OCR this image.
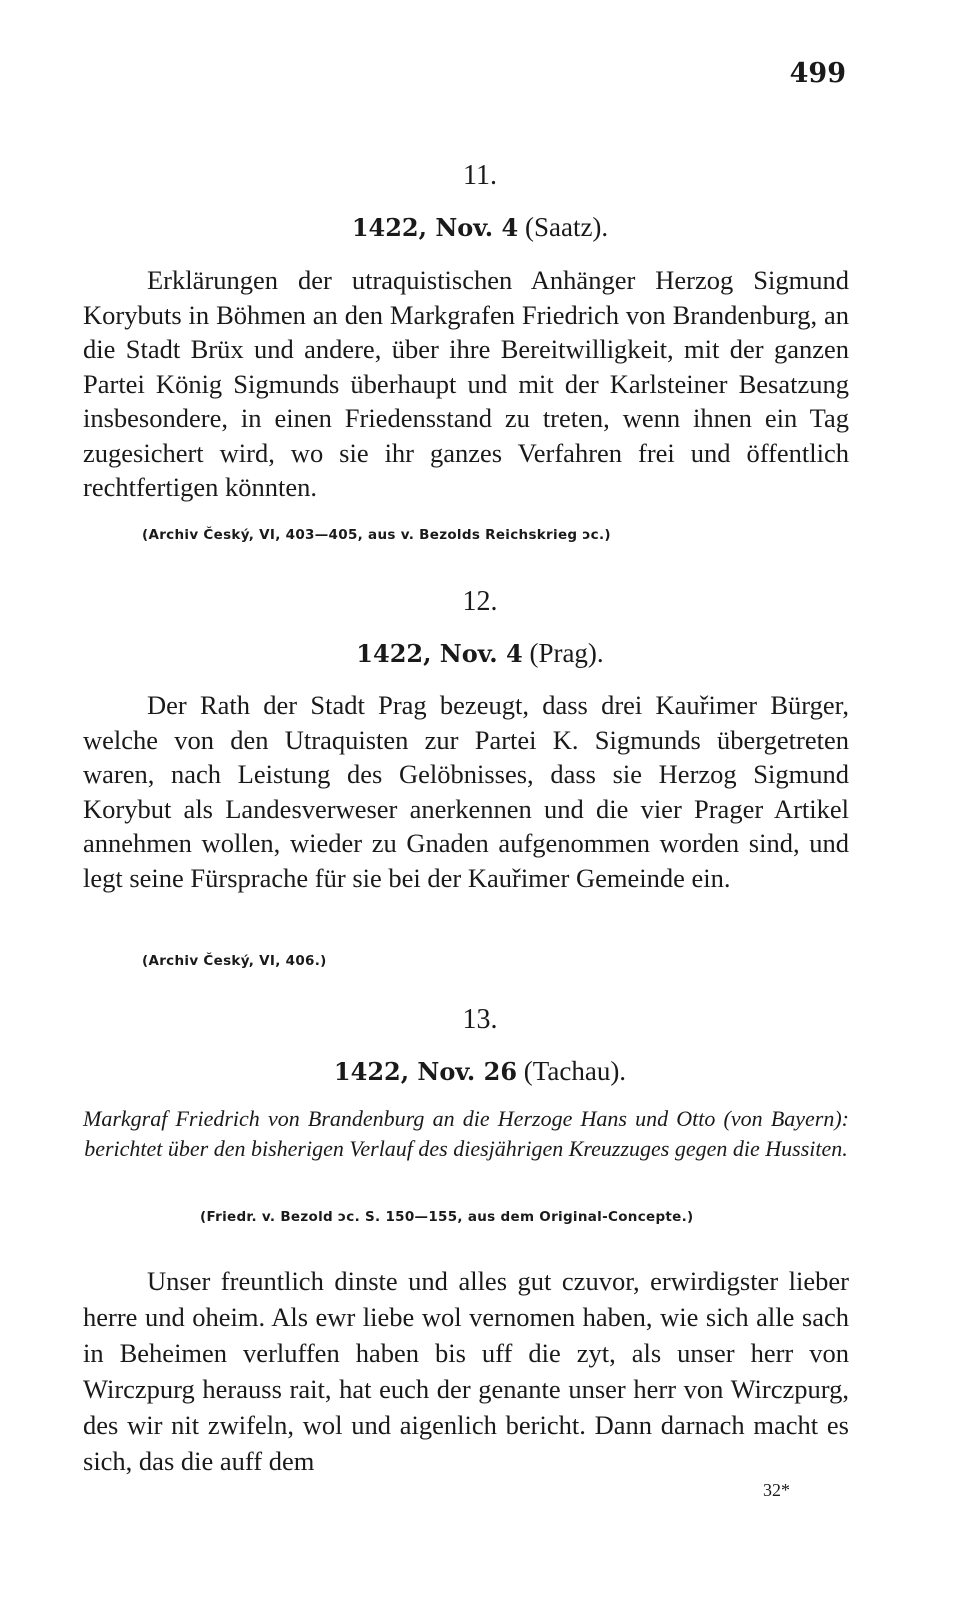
499
11.
1422, Nov. 4 (Saatz).

Erklärungen der utraquistischen Anhänger Herzog Sigmund Korybuts in Böhmen an den Markgrafen Friedrich von Brandenburg, an die Stadt Brüx und andere, über ihre Bereitwilligkeit, mit der ganzen Partei König Sigmunds überhaupt und mit der Karlsteiner Besatzung insbesondere, in einen Friedensstand zu treten, wenn ihnen ein Tag zugesichert wird, wo sie ihr ganzes Verfahren frei und öffentlich rechtfertigen könnten.

(Archiv Český, VI, 403—405, aus v. Bezolds Reichskrieg ɔc.)
12.
1422, Nov. 4 (Prag).

Der Rath der Stadt Prag bezeugt, dass drei Kauřimer Bürger, welche von den Utraquisten zur Partei K. Sigmunds übergetreten waren, nach Leistung des Gelöbnisses, dass sie Herzog Sigmund Korybut als Landesverweser anerkennen und die vier Prager Artikel annehmen wollen, wieder zu Gnaden aufgenommen worden sind, und legt seine Fürsprache für sie bei der Kauřimer Gemeinde ein.

(Archiv Český, VI, 406.)
13.
1422, Nov. 26 (Tachau).
Markgraf Friedrich von Brandenburg an die Herzoge Hans und Otto (von Bayern): berichtet über den bisherigen Verlauf des diesjährigen Kreuzzuges gegen die Hussiten.
(Friedr. v. Bezold ɔc. S. 150—155, aus dem Original-Concepte.)

Unser freuntlich dinste und alles gut czuvor, erwirdigster lieber herre und oheim. Als ewr liebe wol vernomen haben, wie sich alle sach in Beheimen verluffen haben bis uff die zyt, als unser herr von Wirczpurg herauss rait, hat euch der genante unser herr von Wirczpurg, des wir nit zwifeln, wol und aigenlich bericht. Dann darnach macht es sich, das die auff dem

32*
